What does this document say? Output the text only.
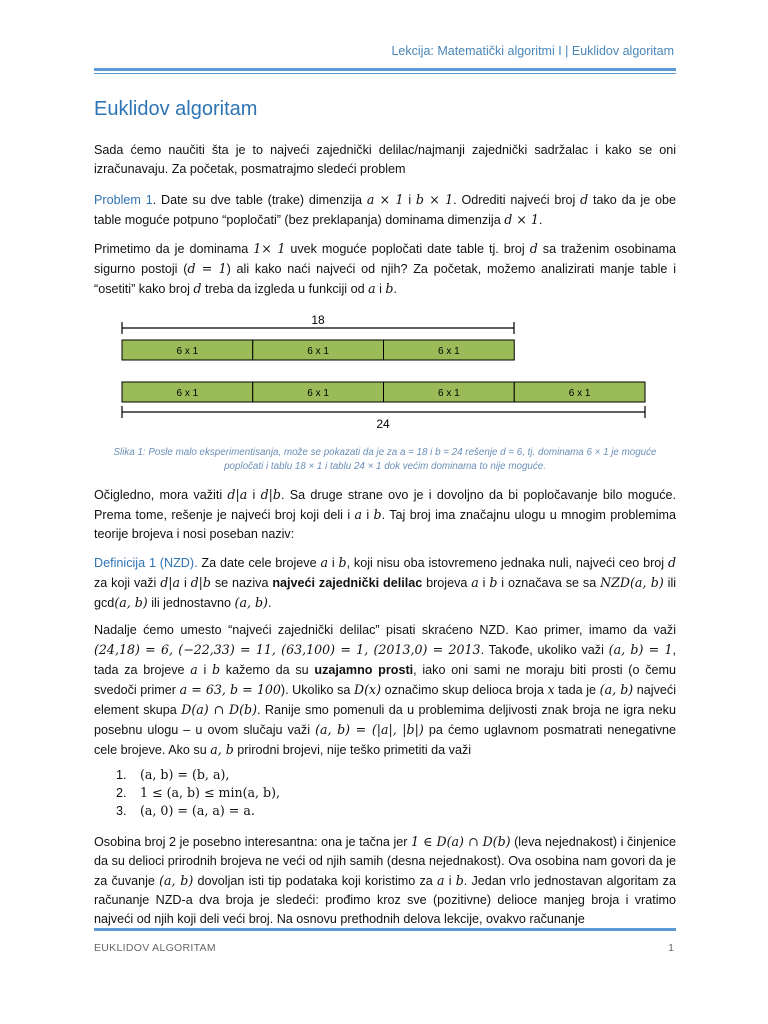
Lekcija: Matematički algoritmi I | Euklidov algoritam
Euklidov algoritam

Sada ćemo naučiti šta je to najveći zajednički delilac/najmanji zajednički sadržalac i kako se oni izračunavaju. Za početak, posmatrajmo sledeći problem

Problem 1. Date su dve table (trake) dimenzija a × 1 i b × 1. Odrediti najveći broj d tako da je obe table moguće potpuno “popločati” (bez preklapanja) dominama dimenzija d × 1.

Primetimo da je dominama 1× 1 uvek moguće popločati date table tj. broj d sa traženim osobinama sigurno postoji (d = 1) ali kako naći najveći od njih? Za početak, možemo analizirati manje table i “osetiti” kako broj d treba da izgleda u funkciji od a i b.

18
6 x 1	6 x 1	6 x 1
6 x 1	6 x 1	6 x 1	6 x 1
24
Slika 1: Posle malo eksperimentisanja, može se pokazati da je za a = 18 i b = 24 rešenje d = 6, tj. dominama 6 × 1 je moguće popločati i tablu 18 × 1 i tablu 24 × 1 dok većim dominama to nije moguće.

Očigledno, mora važiti d|a i d|b. Sa druge strane ovo je i dovoljno da bi popločavanje bilo moguće. Prema tome, rešenje je najveći broj koji deli i a i b. Taj broj ima značajnu ulogu u mnogim problemima teorije brojeva i nosi poseban naziv:

Definicija 1 (NZD). Za date cele brojeve a i b, koji nisu oba istovremeno jednaka nuli, najveći ceo broj d za koji važi d|a i d|b se naziva najveći zajednički delilac brojeva a i b i označava se sa NZD(a, b) ili gcd(a, b) ili jednostavno (a, b).

Nadalje ćemo umesto “najveći zajednički delilac” pisati skraćeno NZD. Kao primer, imamo da važi (24,18) = 6, (−22,33) = 11, (63,100) = 1, (2013,0) = 2013. Takođe, ukoliko važi (a, b) = 1, tada za brojeve a i b kažemo da su uzajamno prosti, iako oni sami ne moraju biti prosti (o čemu svedoči primer a = 63, b = 100). Ukoliko sa D(x) označimo skup delioca broja x tada je (a, b) najveći element skupa D(a) ∩ D(b). Ranije smo pomenuli da u problemima deljivosti znak broja ne igra neku posebnu ulogu – u ovom slučaju važi (a, b) = (|a|, |b|) pa ćemo uglavnom posmatrati nenegativne cele brojeve. Ako su a, b prirodni brojevi, nije teško primetiti da važi

1. (a, b) = (b, a),
2. 1 ≤ (a, b) ≤ min(a, b),
3. (a, 0) = (a, a) = a.

Osobina broj 2 je posebno interesantna: ona je tačna jer 1 ∈ D(a) ∩ D(b) (leva nejednakost) i činjenice da su delioci prirodnih brojeva ne veći od njih samih (desna nejednakost). Ova osobina nam govori da je za čuvanje (a, b) dovoljan isti tip podataka koji koristimo za a i b. Jedan vrlo jednostavan algoritam za računanje NZD-a dva broja je sledeći: prođimo kroz sve (pozitivne) delioce manjeg broja i vratimo najveći od njih koji deli veći broj. Na osnovu prethodnih delova lekcije, ovakvo računanje

EUKLIDOV ALGORITAM	1
